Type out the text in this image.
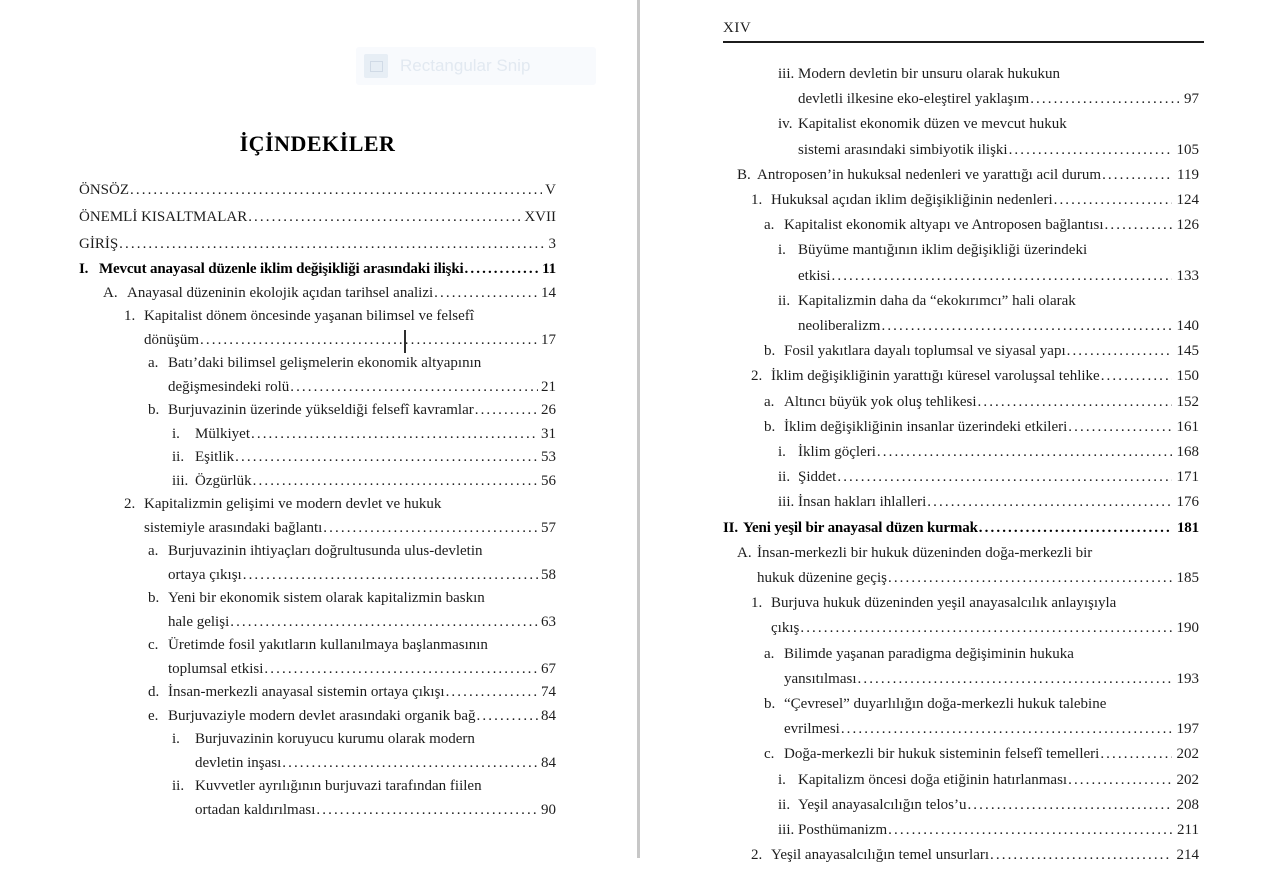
Rectangular Snip
İÇİNDEKİLER
ÖNSÖZ .....	V
ÖNEMLİ KISALTMALAR .....	XVII
GİRİŞ .....	3
I. Mevcut anayasal düzenle iklim değişikliği arasındaki ilişki .....	11
A. Anayasal düzeninin ekolojik açıdan tarihsel analizi .....	14
1. Kapitalist dönem öncesinde yaşanan bilimsel ve felsefî
dönüşüm .....	17
a. Batı’daki bilimsel gelişmelerin ekonomik altyapının
değişmesindeki rolü .....	21
b. Burjuvazinin üzerinde yükseldiği felsefî kavramlar .....	26
i.	Mülkiyet .....	31
ii. Eşitlik .....	53
iii. Özgürlük .....	56
2. Kapitalizmin gelişimi ve modern devlet ve hukuk
sistemiyle arasındaki bağlantı .....	57
a. Burjuvazinin ihtiyaçları doğrultusunda ulus-devletin
ortaya çıkışı .....	58
b. Yeni bir ekonomik sistem olarak kapitalizmin baskın
hale gelişi .....	63
c. Üretimde fosil yakıtların kullanılmaya başlanmasının
toplumsal etkisi .....	67
d. İnsan-merkezli anayasal sistemin ortaya çıkışı .....	74
e. Burjuvaziyle modern devlet arasındaki organik bağ .....	84
i.	Burjuvazinin koruyucu kurumu olarak modern
devletin inşası .....	84
ii. Kuvvetler ayrılığının burjuvazi tarafından fiilen
ortadan kaldırılması .....	90
XIV
iii. Modern devletin bir unsuru olarak hukukun
devletli ilkesine eko-eleştirel yaklaşım .....	97
iv. Kapitalist ekonomik düzen ve mevcut hukuk
sistemi arasındaki simbiyotik ilişki .....	105
B. Antroposen’in hukuksal nedenleri ve yarattığı acil durum .....	119
1. Hukuksal açıdan iklim değişikliğinin nedenleri .....	124
a. Kapitalist ekonomik altyapı ve Antroposen bağlantısı .....	126
i. Büyüme mantığının iklim değişikliği üzerindeki
etkisi .....	133
ii. Kapitalizmin daha da “ekokırımcı” hali olarak
neoliberalizm .....	140
b. Fosil yakıtlara dayalı toplumsal ve siyasal yapı .....	145
2. İklim değişikliğinin yarattığı küresel varoluşsal tehlike .....	150
a. Altıncı büyük yok oluş tehlikesi .....	152
b. İklim değişikliğinin insanlar üzerindeki etkileri .....	161
i. İklim göçleri .....	168
ii. Şiddet .....	171
iii. İnsan hakları ihlalleri .....	176
II. Yeni yeşil bir anayasal düzen kurmak .....	181
A. İnsan-merkezli bir hukuk düzeninden doğa-merkezli bir
hukuk düzenine geçiş .....	185
1. Burjuva hukuk düzeninden yeşil anayasalcılık anlayışıyla
çıkış .....	190
a. Bilimde yaşanan paradigma değişiminin hukuka
yansıtılması .....	193
b. “Çevresel” duyarlılığın doğa-merkezli hukuk talebine
evrilmesi .....	197
c. Doğa-merkezli bir hukuk sisteminin felsefî temelleri .....	202
i. Kapitalizm öncesi doğa etiğinin hatırlanması .....	202
ii. Yeşil anayasalcılığın telos’u .....	208
iii. Posthümanizm .....	211
2. Yeşil anayasalcılığın temel unsurları .....	214
